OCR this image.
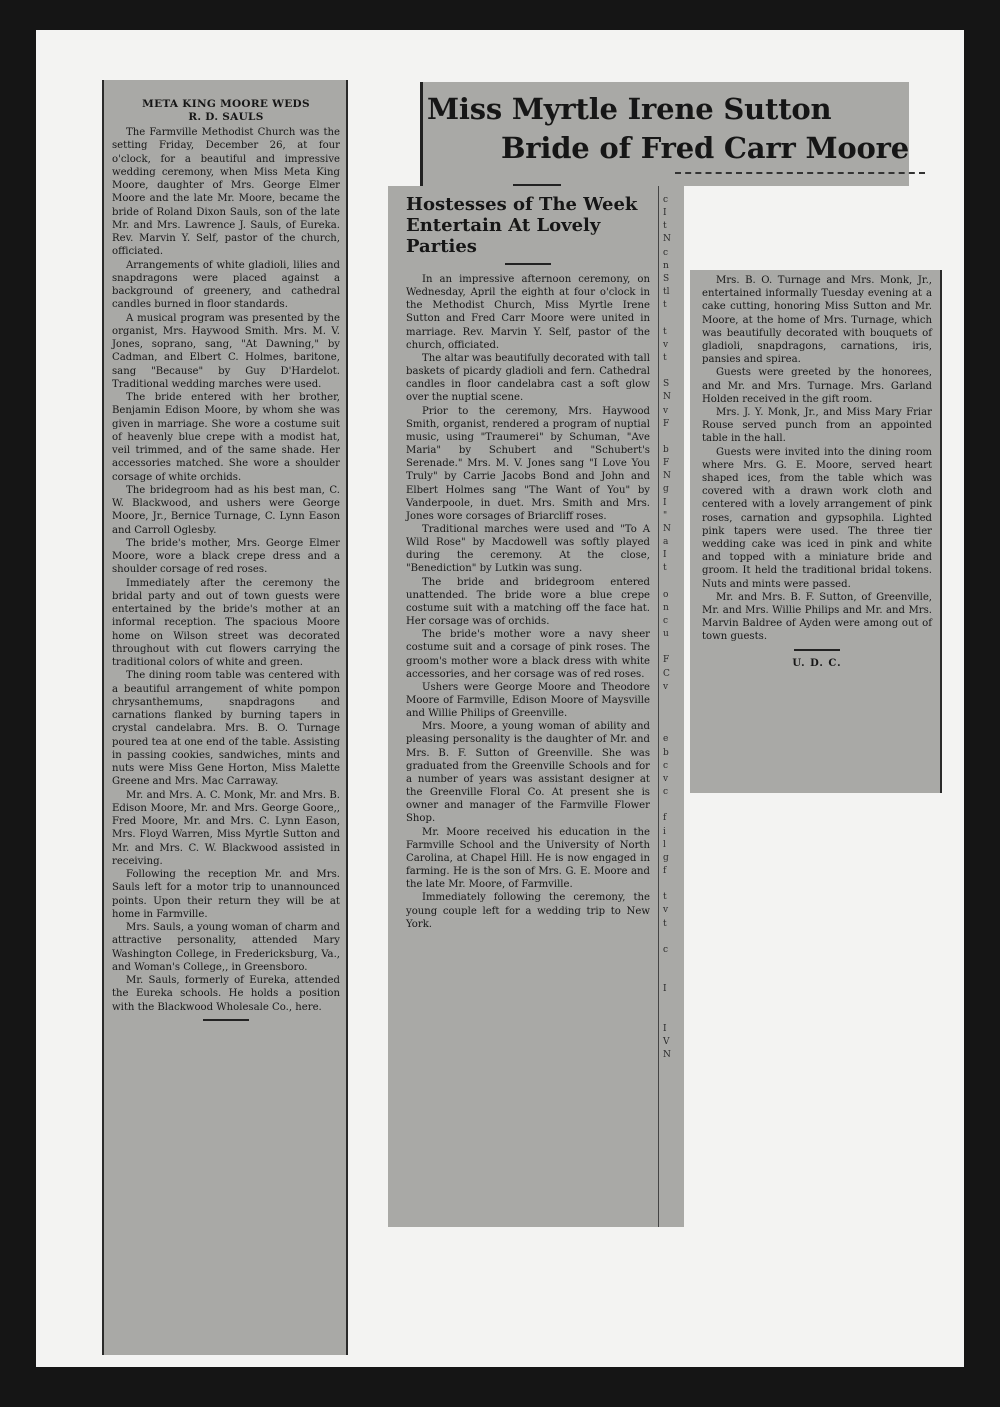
META KING MOORE WEDS
R. D. SAULS

The Farmville Methodist Church was the setting Friday, December 26, at four o'clock, for a beautiful and impressive wedding ceremony, when Miss Meta King Moore, daughter of Mrs. George Elmer Moore and the late Mr. Moore, became the bride of Roland Dixon Sauls, son of the late Mr. and Mrs. Lawrence J. Sauls, of Eureka. Rev. Marvin Y. Self, pastor of the church, officiated.

Arrangements of white gladioli, lilies and snapdragons were placed against a background of greenery, and cathedral candles burned in floor standards.

A musical program was presented by the organist, Mrs. Haywood Smith. Mrs. M. V. Jones, soprano, sang, "At Dawning," by Cadman, and Elbert C. Holmes, baritone, sang "Because" by Guy D'Hardelot. Traditional wedding marches were used.

The bride entered with her brother, Benjamin Edison Moore, by whom she was given in marriage. She wore a costume suit of heavenly blue crepe with a modist hat, veil trimmed, and of the same shade. Her accessories matched. She wore a shoulder corsage of white orchids.

The bridegroom had as his best man, C. W. Blackwood, and ushers were George Moore, Jr., Bernice Turnage, C. Lynn Eason and Carroll Oglesby.

The bride's mother, Mrs. George Elmer Moore, wore a black crepe dress and a shoulder corsage of red roses.

Immediately after the ceremony the bridal party and out of town guests were entertained by the bride's mother at an informal reception. The spacious Moore home on Wilson street was decorated throughout with cut flowers carrying the traditional colors of white and green.

The dining room table was centered with a beautiful arrangement of white pompon chrysanthemums, snapdragons and carnations flanked by burning tapers in crystal candelabra. Mrs. B. O. Turnage poured tea at one end of the table. Assisting in passing cookies, sandwiches, mints and nuts were Miss Gene Horton, Miss Malette Greene and Mrs. Mac Carraway.

Mr. and Mrs. A. C. Monk, Mr. and Mrs. B. Edison Moore, Mr. and Mrs. George Goore,, Fred Moore, Mr. and Mrs. C. Lynn Eason, Mrs. Floyd Warren, Miss Myrtle Sutton and Mr. and Mrs. C. W. Blackwood assisted in receiving.

Following the reception Mr. and Mrs. Sauls left for a motor trip to unannounced points. Upon their return they will be at home in Farmville.

Mrs. Sauls, a young woman of charm and attractive personality, attended Mary Washington College, in Fredericksburg, Va., and Woman's College,, in Greensboro.

Mr. Sauls, formerly of Eureka, attended the Eureka schools. He holds a position with the Blackwood Wholesale Co., here.

Miss Myrtle Irene Sutton
Bride of Fred Carr Moore
Hostesses of The Week Entertain At Lovely Parties

In an impressive afternoon ceremony, on Wednesday, April the eighth at four o'clock in the Methodist Church, Miss Myrtle Irene Sutton and Fred Carr Moore were united in marriage. Rev. Marvin Y. Self, pastor of the church, officiated.

The altar was beautifully decorated with tall baskets of picardy gladioli and fern. Cathedral candles in floor candelabra cast a soft glow over the nuptial scene.

Prior to the ceremony, Mrs. Haywood Smith, organist, rendered a program of nuptial music, using "Traumerei" by Schuman, "Ave Maria" by Schubert and "Schubert's Serenade." Mrs. M. V. Jones sang "I Love You Truly" by Carrie Jacobs Bond and John and Elbert Holmes sang "The Want of You" by Vanderpoole, in duet. Mrs. Smith and Mrs. Jones wore corsages of Briarcliff roses.

Traditional marches were used and "To A Wild Rose" by Macdowell was softly played during the ceremony. At the close, "Benediction" by Lutkin was sung.

The bride and bridegroom entered unattended. The bride wore a blue crepe costume suit with a matching off the face hat. Her corsage was of orchids.

The bride's mother wore a navy sheer costume suit and a corsage of pink roses. The groom's mother wore a black dress with white accessories, and her corsage was of red roses.

Ushers were George Moore and Theodore Moore of Farmville, Edison Moore of Maysville and Willie Philips of Greenville.

Mrs. Moore, a young woman of ability and pleasing personality is the daughter of Mr. and Mrs. B. F. Sutton of Greenville. She was graduated from the Greenville Schools and for a number of years was assistant designer at the Greenville Floral Co. At present she is owner and manager of the Farmville Flower Shop.

Mr. Moore received his education in the Farmville School and the University of North Carolina, at Chapel Hill. He is now engaged in farming. He is the son of Mrs. G. E. Moore and the late Mr. Moore, of Farmville.

Immediately following the ceremony, the young couple left for a wedding trip to New York.

c
I
t
N
c
n
S
tl
t

t
v
t

S
N
v
F

b
F
N
g
I
"
N
a
I
t

o
n
c
u

F
C
v

e
b
c
v
c

f
i
l
g
f

t
v
t

c

I

I
V
N

Mrs. B. O. Turnage and Mrs. Monk, Jr., entertained informally Tuesday evening at a cake cutting, honoring Miss Sutton and Mr. Moore, at the home of Mrs. Turnage, which was beautifully decorated with bouquets of gladioli, snapdragons, carnations, iris, pansies and spirea.

Guests were greeted by the honorees, and Mr. and Mrs. Turnage. Mrs. Garland Holden received in the gift room.

Mrs. J. Y. Monk, Jr., and Miss Mary Friar Rouse served punch from an appointed table in the hall.

Guests were invited into the dining room where Mrs. G. E. Moore, served heart shaped ices, from the table which was covered with a drawn work cloth and centered with a lovely arrangement of pink roses, carnation and gypsophila. Lighted pink tapers were used. The three tier wedding cake was iced in pink and white and topped with a miniature bride and groom. It held the traditional bridal tokens. Nuts and mints were passed.

Mr. and Mrs. B. F. Sutton, of Greenville, Mr. and Mrs. Willie Philips and Mr. and Mrs. Marvin Baldree of Ayden were among out of town guests.

U. D. C.
